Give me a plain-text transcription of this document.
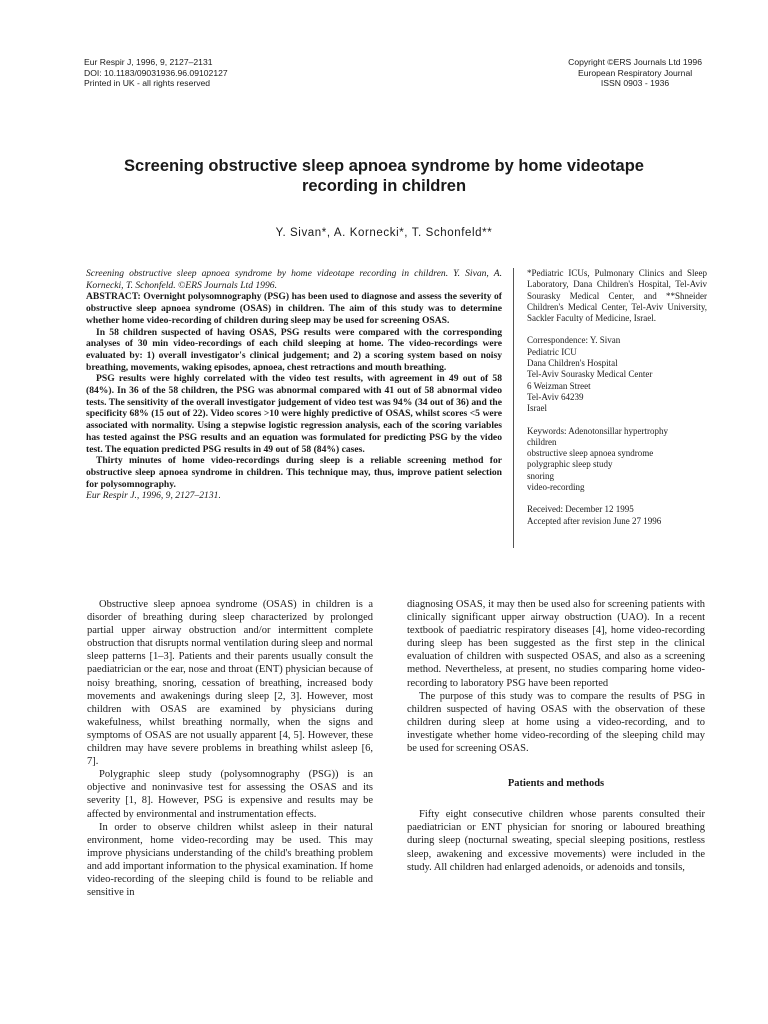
Eur Respir J, 1996, 9, 2127–2131
DOI: 10.1183/09031936.96.09102127
Printed in UK - all rights reserved
Copyright ©ERS Journals Ltd 1996
European Respiratory Journal
ISSN 0903 - 1936
Screening obstructive sleep apnoea syndrome by home videotape
recording in children
Y. Sivan*, A. Kornecki*, T. Schonfeld**

Screening obstructive sleep apnoea syndrome by home videotape recording in children. Y. Sivan, A. Kornecki, T. Schonfeld. ©ERS Journals Ltd 1996.

ABSTRACT: Overnight polysomnography (PSG) has been used to diagnose and assess the severity of obstructive sleep apnoea syndrome (OSAS) in children. The aim of this study was to determine whether home video-recording of children during sleep may be used for screening OSAS.

In 58 children suspected of having OSAS, PSG results were compared with the corresponding analyses of 30 min video-recordings of each child sleeping at home. The video-recordings were evaluated by: 1) overall investigator's clinical judgement; and 2) a scoring system based on noisy breathing, movements, waking episodes, apnoea, chest retractions and mouth breathing.

PSG results were highly correlated with the video test results, with agreement in 49 out of 58 (84%). In 36 of the 58 children, the PSG was abnormal compared with 41 out of 58 abnormal video tests. The sensitivity of the overall investigator judgement of video test was 94% (34 out of 36) and the specificity 68% (15 out of 22). Video scores >10 were highly predictive of OSAS, whilst scores <5 were associated with normality. Using a stepwise logistic regression analysis, each of the scoring variables has tested against the PSG results and an equation was formulated for predicting PSG by the video test. The equation predicted PSG results in 49 out of 58 (84%) cases.

Thirty minutes of home video-recordings during sleep is a reliable screening method for obstructive sleep apnoea syndrome in children. This technique may, thus, improve patient selection for polysomnography.

Eur Respir J., 1996, 9, 2127–2131.

*Pediatric ICUs, Pulmonary Clinics and Sleep Laboratory, Dana Children's Hospital, Tel-Aviv Sourasky Medical Center, and **Shneider Children's Medical Center, Tel-Aviv University, Sackler Faculty of Medicine, Israel.
Correspondence: Y. Sivan
Pediatric ICU
Dana Children's Hospital
Tel-Aviv Sourasky Medical Center
6 Weizman Street
Tel-Aviv 64239
Israel
Keywords: Adenotonsillar hypertrophy
children
obstructive sleep apnoea syndrome
polygraphic sleep study
snoring
video-recording
Received: December 12 1995
Accepted after revision June 27 1996

Obstructive sleep apnoea syndrome (OSAS) in children is a disorder of breathing during sleep characterized by prolonged partial upper airway obstruction and/or intermittent complete obstruction that disrupts normal ventilation during sleep and normal sleep patterns [1–3]. Patients and their parents usually consult the paediatrician or the ear, nose and throat (ENT) physician because of noisy breathing, snoring, cessation of breathing, increased body movements and awakenings during sleep [2, 3]. However, most children with OSAS are examined by physicians during wakefulness, whilst breathing normally, when the signs and symptoms of OSAS are not usually apparent [4, 5]. However, these children may have severe problems in breathing whilst asleep [6, 7].

Polygraphic sleep study (polysomnography (PSG)) is an objective and noninvasive test for assessing the OSAS and its severity [1, 8]. However, PSG is expensive and results may be affected by environmental and instrumentation effects.

In order to observe children whilst asleep in their natural environment, home video-recording may be used. This may improve physicians understanding of the child's breathing problem and add important information to the physical examination. If home video-recording of the sleeping child is found to be reliable and sensitive in

diagnosing OSAS, it may then be used also for screening patients with clinically significant upper airway obstruction (UAO). In a recent textbook of paediatric respiratory diseases [4], home video-recording during sleep has been suggested as the first step in the clinical evaluation of children with suspected OSAS, and also as a screening method. Nevertheless, at present, no studies comparing home video-recording to laboratory PSG have been reported

The purpose of this study was to compare the results of PSG in children suspected of having OSAS with the observation of these children during sleep at home using a video-recording, and to investigate whether home video-recording of the sleeping child may be used for screening OSAS.

Patients and methods

Fifty eight consecutive children whose parents consulted their paediatrician or ENT physician for snoring or laboured breathing during sleep (nocturnal sweating, special sleeping positions, restless sleep, awakening and excessive movements) were included in the study. All children had enlarged adenoids, or adenoids and tonsils,
